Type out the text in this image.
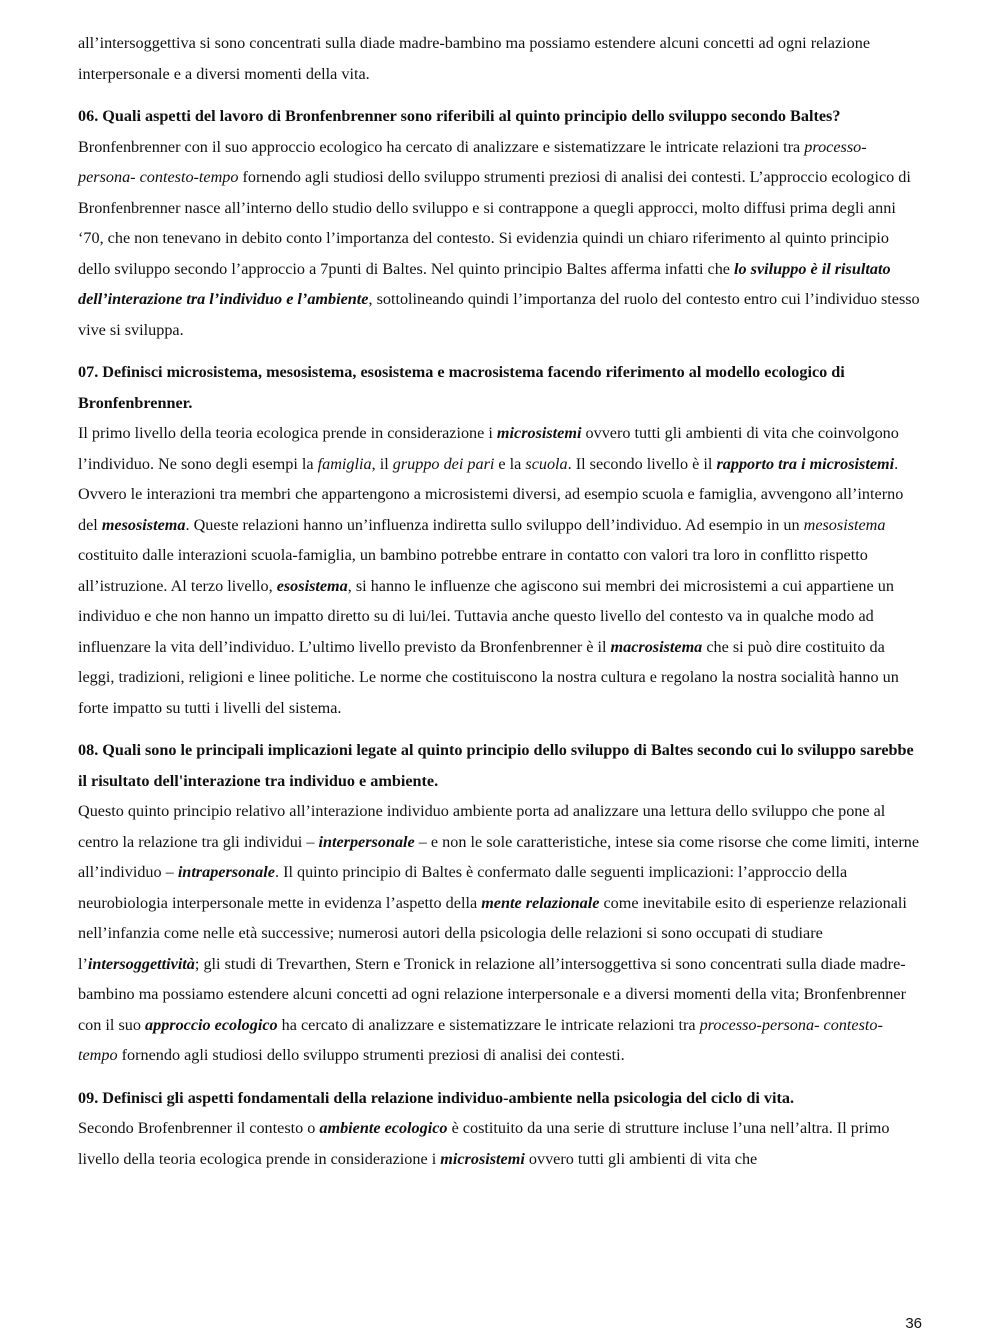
all’intersoggettiva si sono concentrati sulla diade madre-bambino ma possiamo estendere alcuni concetti ad ogni relazione interpersonale e a diversi momenti della vita.

06. Quali aspetti del lavoro di Bronfenbrenner sono riferibili al quinto principio dello sviluppo secondo Baltes?

Bronfenbrenner con il suo approccio ecologico ha cercato di analizzare e sistematizzare le intricate relazioni tra processo-persona- contesto-tempo fornendo agli studiosi dello sviluppo strumenti preziosi di analisi dei contesti. L’approccio ecologico di Bronfenbrenner nasce all’interno dello studio dello sviluppo e si contrappone a quegli approcci, molto diffusi prima degli anni ‘70, che non tenevano in debito conto l’importanza del contesto. Si evidenzia quindi un chiaro riferimento al quinto principio dello sviluppo secondo l’approccio a 7punti di Baltes. Nel quinto principio Baltes afferma infatti che lo sviluppo è il risultato dell’interazione tra l’individuo e l’ambiente, sottolineando quindi l’importanza del ruolo del contesto entro cui l’individuo stesso vive si sviluppa.

07. Definisci microsistema, mesosistema, esosistema e macrosistema facendo riferimento al modello ecologico di Bronfenbrenner.

Il primo livello della teoria ecologica prende in considerazione i microsistemi ovvero tutti gli ambienti di vita che coinvolgono l’individuo. Ne sono degli esempi la famiglia, il gruppo dei pari e la scuola. Il secondo livello è il rapporto tra i microsistemi. Ovvero le interazioni tra membri che appartengono a microsistemi diversi, ad esempio scuola e famiglia, avvengono all’interno del mesosistema. Queste relazioni hanno un’influenza indiretta sullo sviluppo dell’individuo. Ad esempio in un mesosistema costituito dalle interazioni scuola-famiglia, un bambino potrebbe entrare in contatto con valori tra loro in conflitto rispetto all’istruzione. Al terzo livello, esosistema, si hanno le influenze che agiscono sui membri dei microsistemi a cui appartiene un individuo e che non hanno un impatto diretto su di lui/lei. Tuttavia anche questo livello del contesto va in qualche modo ad influenzare la vita dell’individuo. L’ultimo livello previsto da Bronfenbrenner è il macrosistema che si può dire costituito da leggi, tradizioni, religioni e linee politiche. Le norme che costituiscono la nostra cultura e regolano la nostra socialità hanno un forte impatto su tutti i livelli del sistema.

08. Quali sono le principali implicazioni legate al quinto principio dello sviluppo di Baltes secondo cui lo sviluppo sarebbe il risultato dell'interazione tra individuo e ambiente.

Questo quinto principio relativo all’interazione individuo ambiente porta ad analizzare una lettura dello sviluppo che pone al centro la relazione tra gli individui – interpersonale – e non le sole caratteristiche, intese sia come risorse che come limiti, interne all’individuo – intrapersonale. Il quinto principio di Baltes è confermato dalle seguenti implicazioni: l’approccio della neurobiologia interpersonale mette in evidenza l’aspetto della mente relazionale come inevitabile esito di esperienze relazionali nell’infanzia come nelle età successive; numerosi autori della psicologia delle relazioni si sono occupati di studiare l’intersoggettività; gli studi di Trevarthen, Stern e Tronick in relazione all’intersoggettiva si sono concentrati sulla diade madre-bambino ma possiamo estendere alcuni concetti ad ogni relazione interpersonale e a diversi momenti della vita; Bronfenbrenner con il suo approccio ecologico ha cercato di analizzare e sistematizzare le intricate relazioni tra processo-persona- contesto-tempo fornendo agli studiosi dello sviluppo strumenti preziosi di analisi dei contesti.

09. Definisci gli aspetti fondamentali della relazione individuo-ambiente nella psicologia del ciclo di vita.

Secondo Brofenbrenner il contesto o ambiente ecologico è costituito da una serie di strutture incluse l’una nell’altra. Il primo livello della teoria ecologica prende in considerazione i microsistemi ovvero tutti gli ambienti di vita che

36
